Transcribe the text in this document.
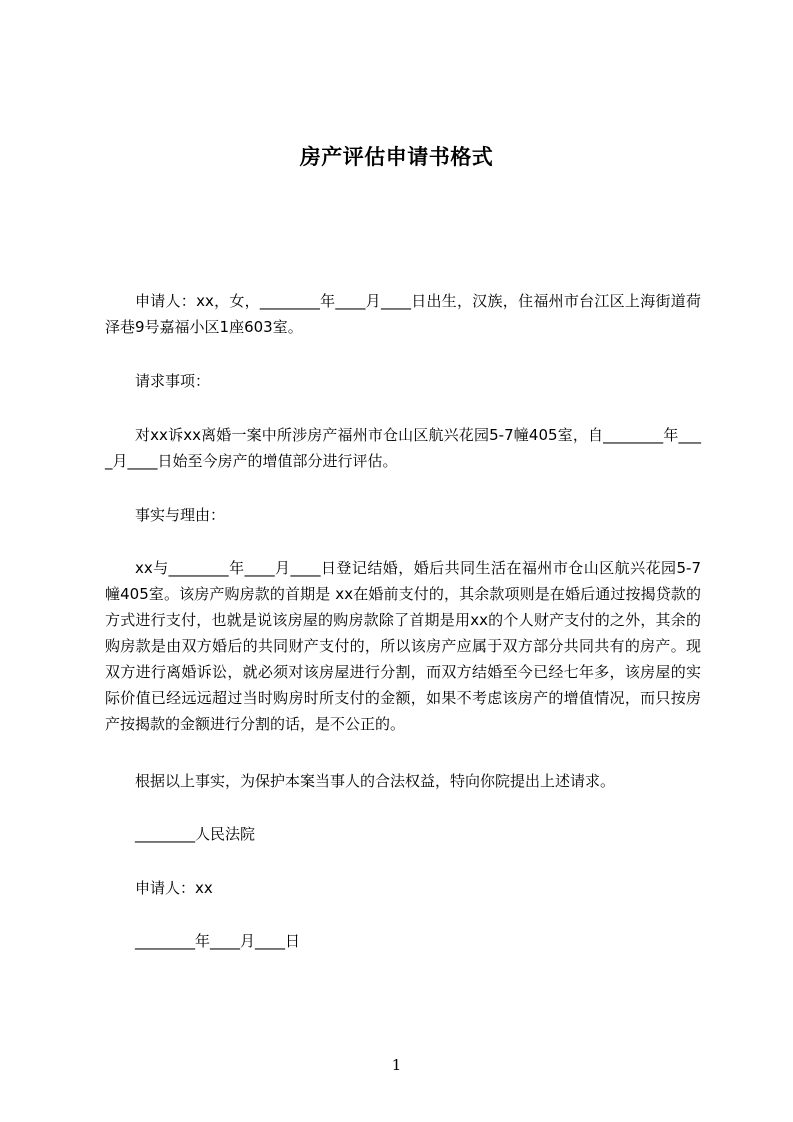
房产评估申请书格式
申请人：xx，女，________年____月____日出生，汉族，住福州市台江区上海街道荷泽巷9号嘉福小区1座603室。
请求事项：
对xx诉xx离婚一案中所涉房产福州市仓山区航兴花园5-7幢405室，自________年____月____日始至今房产的增值部分进行评估。
事实与理由：
xx与________年____月____日登记结婚，婚后共同生活在福州市仓山区航兴花园5-7幢405室。该房产购房款的首期是 xx在婚前支付的，其余款项则是在婚后通过按揭贷款的方式进行支付，也就是说该房屋的购房款除了首期是用xx的个人财产支付的之外，其余的购房款是由双方婚后的共同财产支付的，所以该房产应属于双方部分共同共有的房产。现双方进行离婚诉讼，就必须对该房屋进行分割，而双方结婚至今已经七年多，该房屋的实际价值已经远远超过当时购房时所支付的金额，如果不考虑该房产的增值情况，而只按房产按揭款的金额进行分割的话，是不公正的。
根据以上事实，为保护本案当事人的合法权益，特向你院提出上述请求。
________人民法院
申请人：xx
________年____月____日
1
